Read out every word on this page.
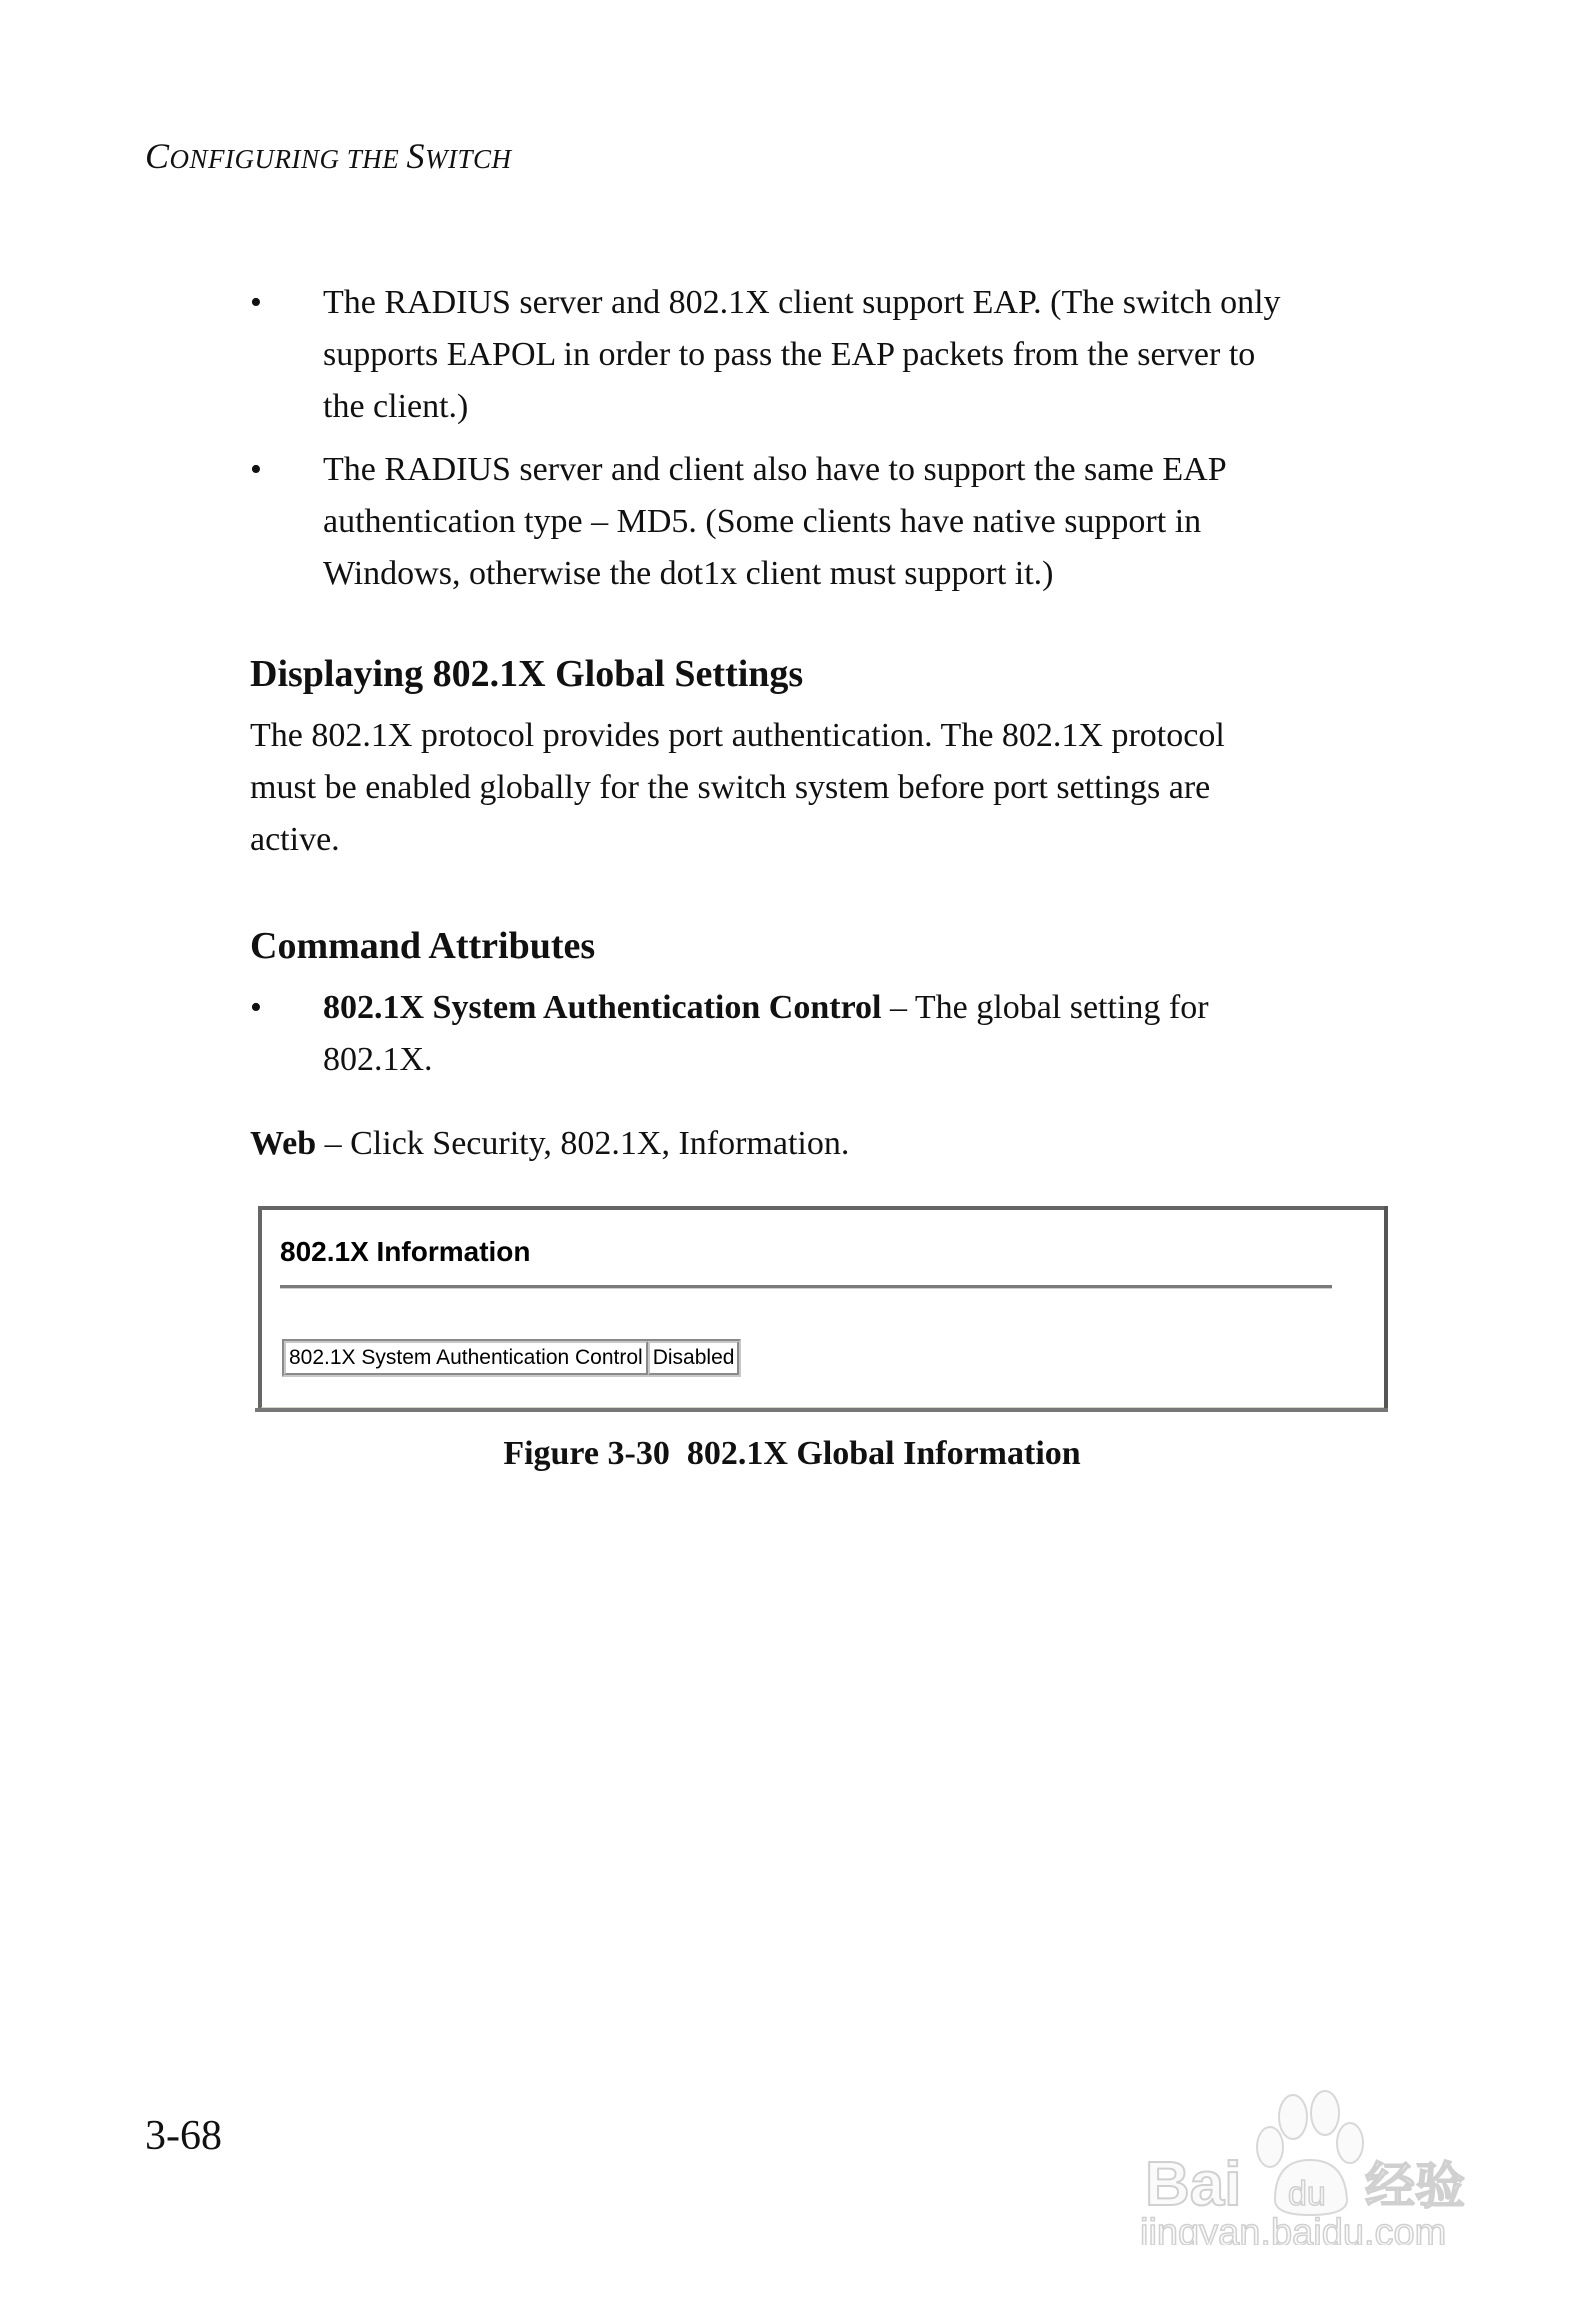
CONFIGURING THE SWITCH
•	The RADIUS server and 802.1X client support EAP. (The switch only
supports EAPOL in order to pass the EAP packets from the server to
the client.)
•	The RADIUS server and client also have to support the same EAP
authentication type – MD5. (Some clients have native support in
Windows, otherwise the dot1x client must support it.)
Displaying 802.1X Global Settings
The 802.1X protocol provides port authentication. The 802.1X protocol
must be enabled globally for the switch system before port settings are
active.
Command Attributes
•	802.1X System Authentication Control – The global setting for
802.1X.
Web – Click Security, 802.1X, Information.
802.1X Information
802.1X System Authentication Control	Disabled
Figure 3-30  802.1X Global Information
3-68
Bai du 经验
jingyan.baidu.com
